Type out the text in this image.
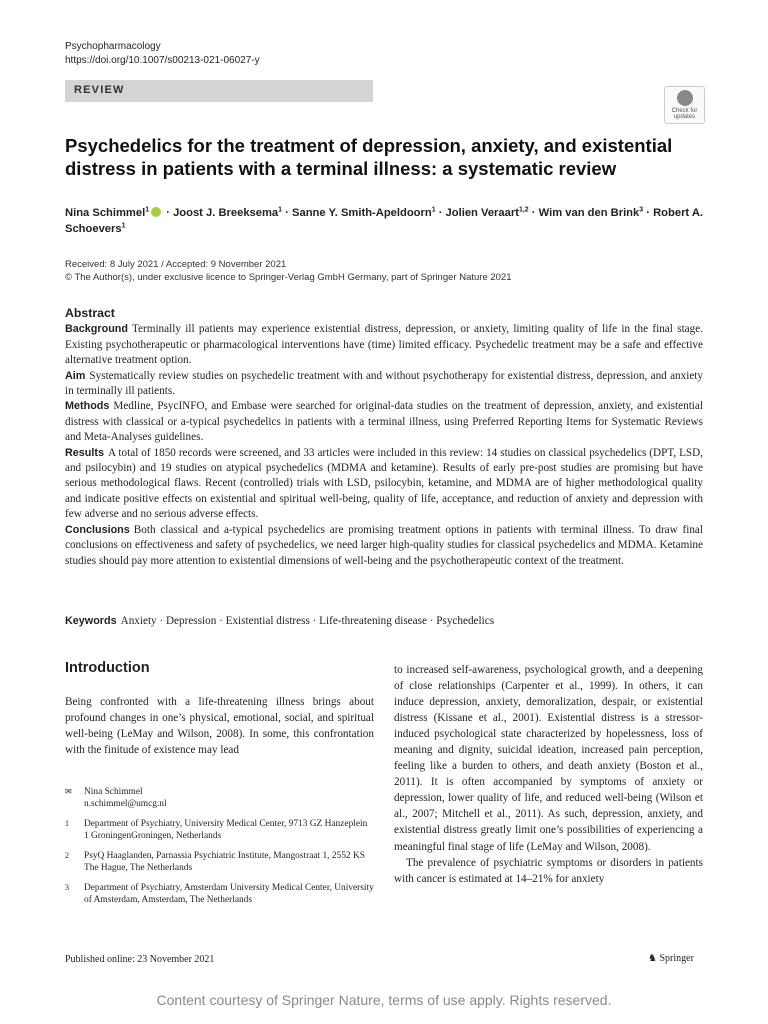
Psychopharmacology
https://doi.org/10.1007/s00213-021-06027-y
REVIEW
Check for
updates
Psychedelics for the treatment of depression, anxiety, and existential distress in patients with a terminal illness: a systematic review
Nina Schimmel$^1$ · Joost J. Breeksema$^1$ · Sanne Y. Smith-Apeldoorn$^1$ · Jolien Veraart$^{1,2}$ · Wim van den Brink$^3$ · Robert A. Schoevers$^1$
Received: 8 July 2021 / Accepted: 9 November 2021
© The Author(s), under exclusive licence to Springer-Verlag GmbH Germany, part of Springer Nature 2021
Abstract

Background Terminally ill patients may experience existential distress, depression, or anxiety, limiting quality of life in the final stage. Existing psychotherapeutic or pharmacological interventions have (time) limited efficacy. Psychedelic treatment may be a safe and effective alternative treatment option.

Aim Systematically review studies on psychedelic treatment with and without psychotherapy for existential distress, depression, and anxiety in terminally ill patients.

Methods Medline, PsycINFO, and Embase were searched for original-data studies on the treatment of depression, anxiety, and existential distress with classical or a-typical psychedelics in patients with a terminal illness, using Preferred Reporting Items for Systematic Reviews and Meta-Analyses guidelines.

Results A total of 1850 records were screened, and 33 articles were included in this review: 14 studies on classical psychedelics (DPT, LSD, and psilocybin) and 19 studies on atypical psychedelics (MDMA and ketamine). Results of early pre-post studies are promising but have serious methodological flaws. Recent (controlled) trials with LSD, psilocybin, ketamine, and MDMA are of higher methodological quality and indicate positive effects on existential and spiritual well-being, quality of life, acceptance, and reduction of anxiety and depression with few adverse and no serious adverse effects.

Conclusions Both classical and a-typical psychedelics are promising treatment options in patients with terminal illness. To draw final conclusions on effectiveness and safety of psychedelics, we need larger high-quality studies for classical psychedelics and MDMA. Ketamine studies should pay more attention to existential dimensions of well-being and the psychotherapeutic context of the treatment.

Keywords Anxiety · Depression · Existential distress · Life-threatening disease · Psychedelics
Introduction
Being confronted with a life-threatening illness brings about profound changes in one’s physical, emotional, social, and spiritual well-being (LeMay and Wilson, 2008). In some, this confrontation with the finitude of existence may lead

to increased self-awareness, psychological growth, and a deepening of close relationships (Carpenter et al., 1999). In others, it can induce depression, anxiety, demoralization, despair, or existential distress (Kissane et al., 2001). Existential distress is a stressor-induced psychological state characterized by hopelessness, loss of meaning and dignity, suicidal ideation, increased pain perception, feeling like a burden to others, and death anxiety (Boston et al., 2011). It is often accompanied by symptoms of anxiety or depression, lower quality of life, and reduced well-being (Wilson et al., 2007; Mitchell et al., 2011). As such, depression, anxiety, and existential distress greatly limit one’s possibilities of experiencing a meaningful final stage of life (LeMay and Wilson, 2008).

The prevalence of psychiatric symptoms or disorders in patients with cancer is estimated at 14–21% for anxiety

✉ Nina Schimmel
n.schimmel@umcg.nl
1 Department of Psychiatry, University Medical Center, 9713 GZ Hanzeplein 1 GroningenGroningen, Netherlands
2 PsyQ Haaglanden, Parnassia Psychiatric Institute, Mangostraat 1, 2552 KS The Hague, The Netherlands
3 Department of Psychiatry, Amsterdam University Medical Center, University of Amsterdam, Amsterdam, The Netherlands
Published online: 23 November 2021	♞ Springer
Content courtesy of Springer Nature, terms of use apply. Rights reserved.
